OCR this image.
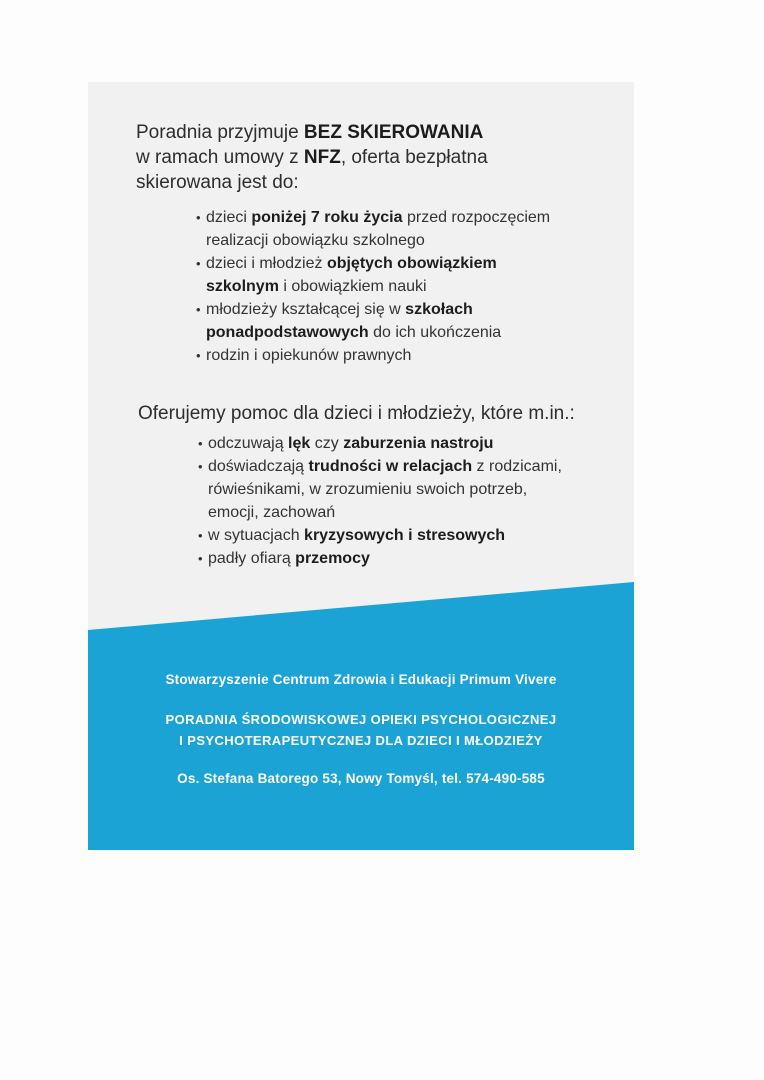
Poradnia przyjmuje BEZ SKIEROWANIA
w ramach umowy z NFZ, oferta bezpłatna
skierowana jest do:
• dzieci poniżej 7 roku życia przed rozpoczęciem
realizacji obowiązku szkolnego
• dzieci i młodzież objętych obowiązkiem
szkolnym i obowiązkiem nauki
• młodzieży kształcącej się w szkołach
ponadpodstawowych do ich ukończenia
• rodzin i opiekunów prawnych
Oferujemy pomoc dla dzieci i młodzieży, które m.in.:
• odczuwają lęk czy zaburzenia nastroju
• doświadczają trudności w relacjach z rodzicami,
rówieśnikami, w zrozumieniu swoich potrzeb,
emocji, zachowań
• w sytuacjach kryzysowych i stresowych
• padły ofiarą przemocy
Stowarzyszenie Centrum Zdrowia i Edukacji Primum Vivere
PORADNIA ŚRODOWISKOWEJ OPIEKI PSYCHOLOGICZNEJ
I PSYCHOTERAPEUTYCZNEJ DLA DZIECI I MŁODZIEŻY
Os. Stefana Batorego 53, Nowy Tomyśl, tel. 574-490-585
